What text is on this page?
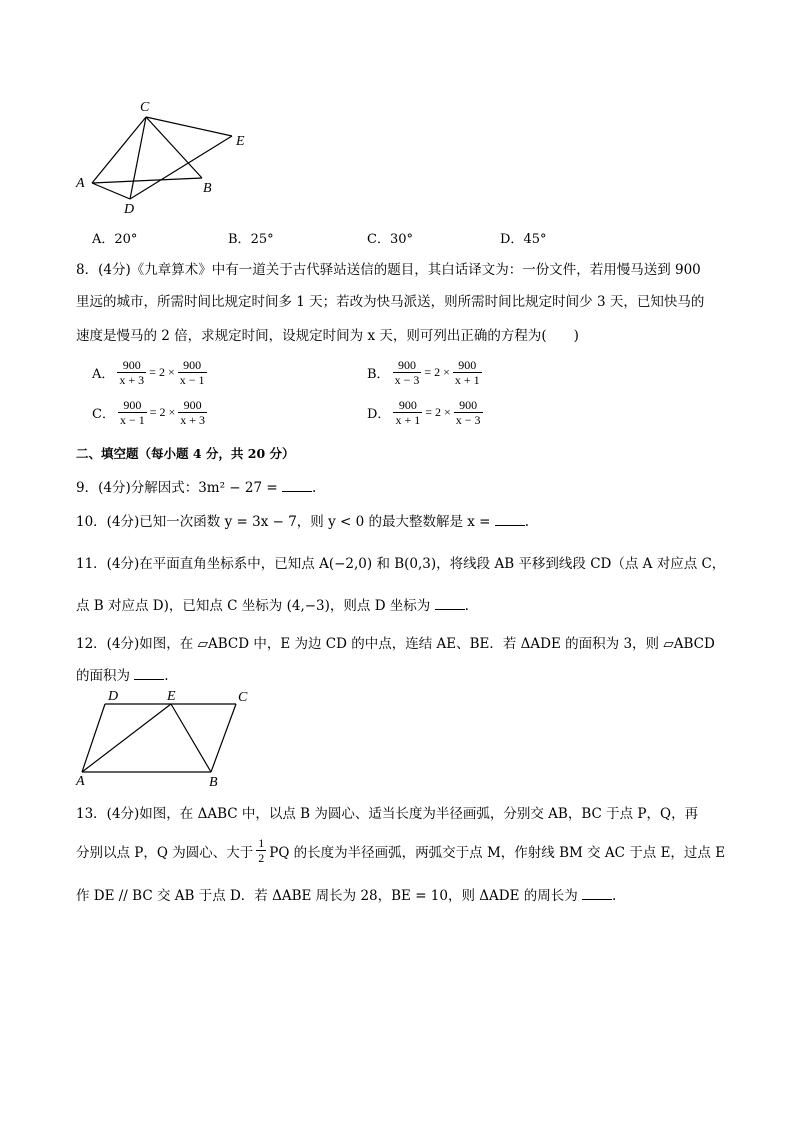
C
E
A	B
D
A．20°	B．25°	C．30°	D．45°
8．(4分)《九章算术》中有一道关于古代驿站送信的题目，其白话译文为：一份文件，若用慢马送到 900
里远的城市，所需时间比规定时间多 1 天；若改为快马派送，则所需时间比规定时间少 3 天，已知快马的
速度是慢马的 2 倍，求规定时间，设规定时间为 x 天，则可列出正确的方程为(　　)
A． $\frac{900}{x + 3} = 2 \times \frac{900}{x - 1}$	B． $\frac{900}{x - 3} = 2 \times \frac{900}{x + 1}$
C． $\frac{900}{x - 1} = 2 \times \frac{900}{x + 3}$	D． $\frac{900}{x + 1} = 2 \times \frac{900}{x - 3}$
二、填空题（每小题 4 分，共 20 分）
9．(4分)分解因式：3m² − 27 =	.
10．(4分)已知一次函数 y = 3x − 7，则 y < 0 的最大整数解是 x =	.
11．(4分)在平面直角坐标系中，已知点 A(−2,0) 和 B(0,3)，将线段 AB 平移到线段 CD（点 A 对应点 C，
点 B 对应点 D)，已知点 C 坐标为 (4,−3)，则点 D 坐标为	.
12．(4分)如图，在 ▱ABCD 中，E 为边 CD 的中点，连结 AE、BE．若 ΔADE 的面积为 3，则 ▱ABCD
的面积为	.
D	E	C
A	B
13．(4分)如图，在 ΔABC 中，以点 B 为圆心、适当长度为半径画弧，分别交 AB，BC 于点 P，Q，再
分别以点 P，Q 为圆心、大于 $\frac{1}{2}$ PQ 的长度为半径画弧，两弧交于点 M，作射线 BM 交 AC 于点 E，过点 E
作 DE // BC 交 AB 于点 D．若 ΔABE 周长为 28，BE = 10，则 ΔADE 的周长为	.
